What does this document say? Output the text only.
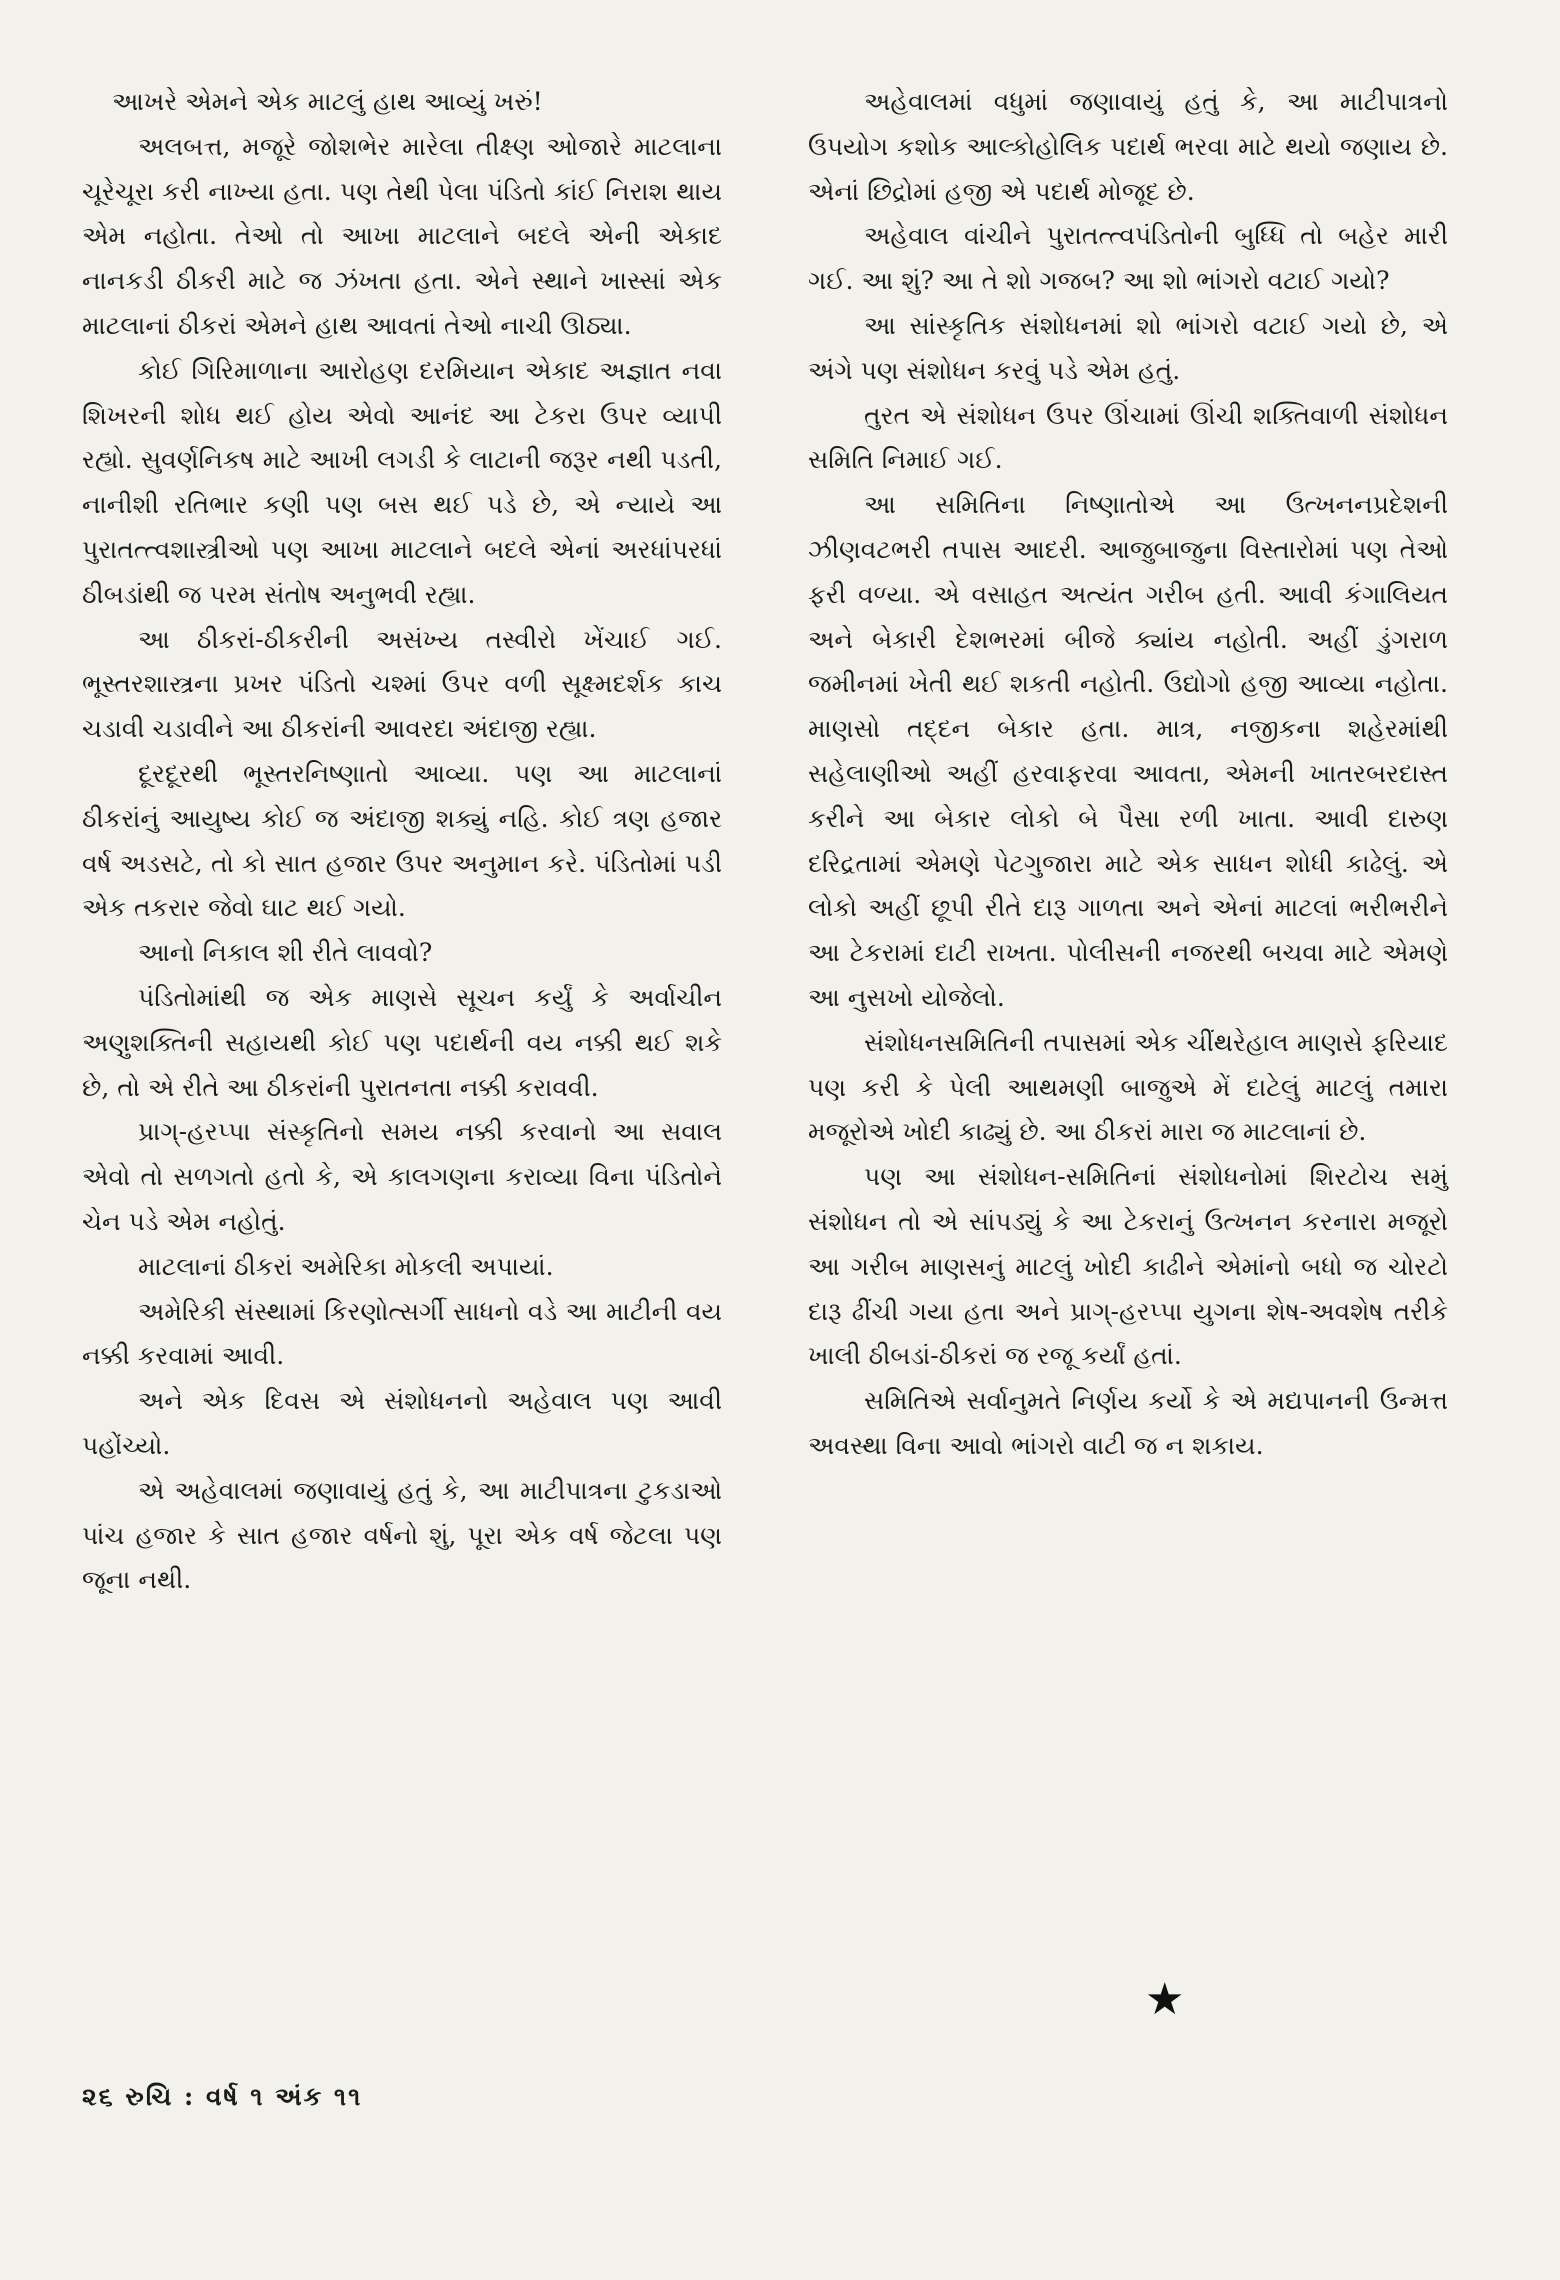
આખરે એમને એક માટલું હાથ આવ્યું ખરું!

અલબત્ત, મજૂરે જોશભેર મારેલા તીક્ષ્ણ ઓજારે માટલાના ચૂરેચૂરા કરી નાખ્યા હતા. પણ તેથી પેલા પંડિતો કાંઈ નિરાશ થાય એમ નહોતા. તેઓ તો આખા માટલાને બદલે એની એકાદ નાનકડી ઠીકરી માટે જ ઝંખતા હતા. એને સ્થાને ખાસ્સાં એક માટલાનાં ઠીકરાં એમને હાથ આવતાં તેઓ નાચી ઊઠ્યા.

કોઈ ગિરિમાળાના આરોહણ દરમિયાન એકાદ અજ્ઞાત નવા શિખરની શોધ થઈ હોય એવો આનંદ આ ટેકરા ઉપર વ્યાપી રહ્યો. સુવર્ણનિકષ માટે આખી લગડી કે લાટાની જરૂર નથી પડતી, નાનીશી રતિભાર કણી પણ બસ થઈ પડે છે, એ ન્યાયે આ પુરાતત્ત્વશાસ્ત્રીઓ પણ આખા માટલાને બદલે એનાં અરધાંપરધાં ઠીબડાંથી જ પરમ સંતોષ અનુભવી રહ્યા.

આ ઠીકરાં-ઠીકરીની અસંખ્ય તસ્વીરો ખેંચાઈ ગઈ. ભૂસ્તરશાસ્ત્રના પ્રખર પંડિતો ચશ્માં ઉપર વળી સૂક્ષ્મદર્શક કાચ ચડાવી ચડાવીને આ ઠીકરાંની આવરદા અંદાજી રહ્યા.

દૂરદૂરથી ભૂસ્તરનિષ્ણાતો આવ્યા. પણ આ માટલાનાં ઠીકરાંનું આયુષ્ય કોઈ જ અંદાજી શક્યું નહિ. કોઈ ત્રણ હજાર વર્ષ અડસટે, તો કો સાત હજાર ઉપર અનુમાન કરે. પંડિતોમાં પડી એક તકરાર જેવો ઘાટ થઈ ગયો.

આનો નિકાલ શી રીતે લાવવો?

પંડિતોમાંથી જ એક માણસે સૂચન કર્યું કે અર્વાચીન અણુશક્તિની સહાયથી કોઈ પણ પદાર્થની વય નક્કી થઈ શકે છે, તો એ રીતે આ ઠીકરાંની પુરાતનતા નક્કી કરાવવી.

પ્રાગ્-હરપ્પા સંસ્કૃતિનો સમય નક્કી કરવાનો આ સવાલ એવો તો સળગતો હતો કે, એ કાલગણના કરાવ્યા વિના પંડિતોને ચેન પડે એમ નહોતું.

માટલાનાં ઠીકરાં અમેરિકા મોકલી અપાયાં.

અમેરિકી સંસ્થામાં કિરણોત્સર્ગી સાધનો વડે આ માટીની વય નક્કી કરવામાં આવી.

અને એક દિવસ એ સંશોધનનો અહેવાલ પણ આવી પહોંચ્યો.

એ અહેવાલમાં જણાવાયું હતું કે, આ માટીપાત્રના ટુકડાઓ પાંચ હજાર કે સાત હજાર વર્ષનો શું, પૂરા એક વર્ષ જેટલા પણ જૂના નથી.

અહેવાલમાં વધુમાં જણાવાયું હતું કે, આ માટીપાત્રનો ઉપયોગ કશોક આલ્કોહોલિક પદાર્થ ભરવા માટે થયો જણાય છે. એનાં છિદ્રોમાં હજી એ પદાર્થ મોજૂદ છે.

અહેવાલ વાંચીને પુરાતત્ત્વપંડિતોની બુધ્ધિ તો બહેર મારી ગઈ. આ શું? આ તે શો ગજબ? આ શો ભાંગરો વટાઈ ગયો?

આ સાંસ્કૃતિક સંશોધનમાં શો ભાંગરો વટાઈ ગયો છે, એ અંગે પણ સંશોધન કરવું પડે એમ હતું.

તુરત એ સંશોધન ઉપર ઊંચામાં ઊંચી શક્તિવાળી સંશોધન સમિતિ નિમાઈ ગઈ.

આ સમિતિના નિષ્ણાતોએ આ ઉત્ખનનપ્રદેશની ઝીણવટભરી તપાસ આદરી. આજુબાજુના વિસ્તારોમાં પણ તેઓ ફરી વળ્યા. એ વસાહત અત્યંત ગરીબ હતી. આવી કંગાલિયત અને બેકારી દેશભરમાં બીજે ક્યાંય નહોતી. અહીં ડુંગરાળ જમીનમાં ખેતી થઈ શકતી નહોતી. ઉદ્યોગો હજી આવ્યા નહોતા. માણસો તદ્દન બેકાર હતા. માત્ર, નજીકના શહેરમાંથી સહેલાણીઓ અહીં હરવાફરવા આવતા, એમની ખાતરબરદાસ્ત કરીને આ બેકાર લોકો બે પૈસા રળી ખાતા. આવી દારુણ દરિદ્રતામાં એમણે પેટગુજારા માટે એક સાધન શોધી કાઢેલું. એ લોકો અહીં છૂપી રીતે દારૂ ગાળતા અને એનાં માટલાં ભરીભરીને આ ટેકરામાં દાટી રાખતા. પોલીસની નજરથી બચવા માટે એમણે આ નુસખો યોજેલો.

સંશોધનસમિતિની તપાસમાં એક ચીંથરેહાલ માણસે ફરિયાદ પણ કરી કે પેલી આથમણી બાજુએ મેં દાટેલું માટલું તમારા મજૂરોએ ખોદી કાઢ્યું છે. આ ઠીકરાં મારા જ માટલાનાં છે.

પણ આ સંશોધન-સમિતિનાં સંશોધનોમાં શિરટોચ સમું સંશોધન તો એ સાંપડ્યું કે આ ટેકરાનું ઉત્ખનન કરનારા મજૂરો આ ગરીબ માણસનું માટલું ખોદી કાઢીને એમાંનો બધો જ ચોરટો દારૂ ઢીંચી ગયા હતા અને પ્રાગ્-હરપ્પા યુગના શેષ-અવશેષ તરીકે ખાલી ઠીબડાં-ઠીકરાં જ રજૂ કર્યાં હતાં.

સમિતિએ સર્વાનુમતે નિર્ણય કર્યો કે એ મદ્યપાનની ઉન્મત્ત અવસ્થા વિના આવો ભાંગરો વાટી જ ન શકાય.

★
૨૬ રુચિ : વર્ષ ૧ અંક ૧૧
